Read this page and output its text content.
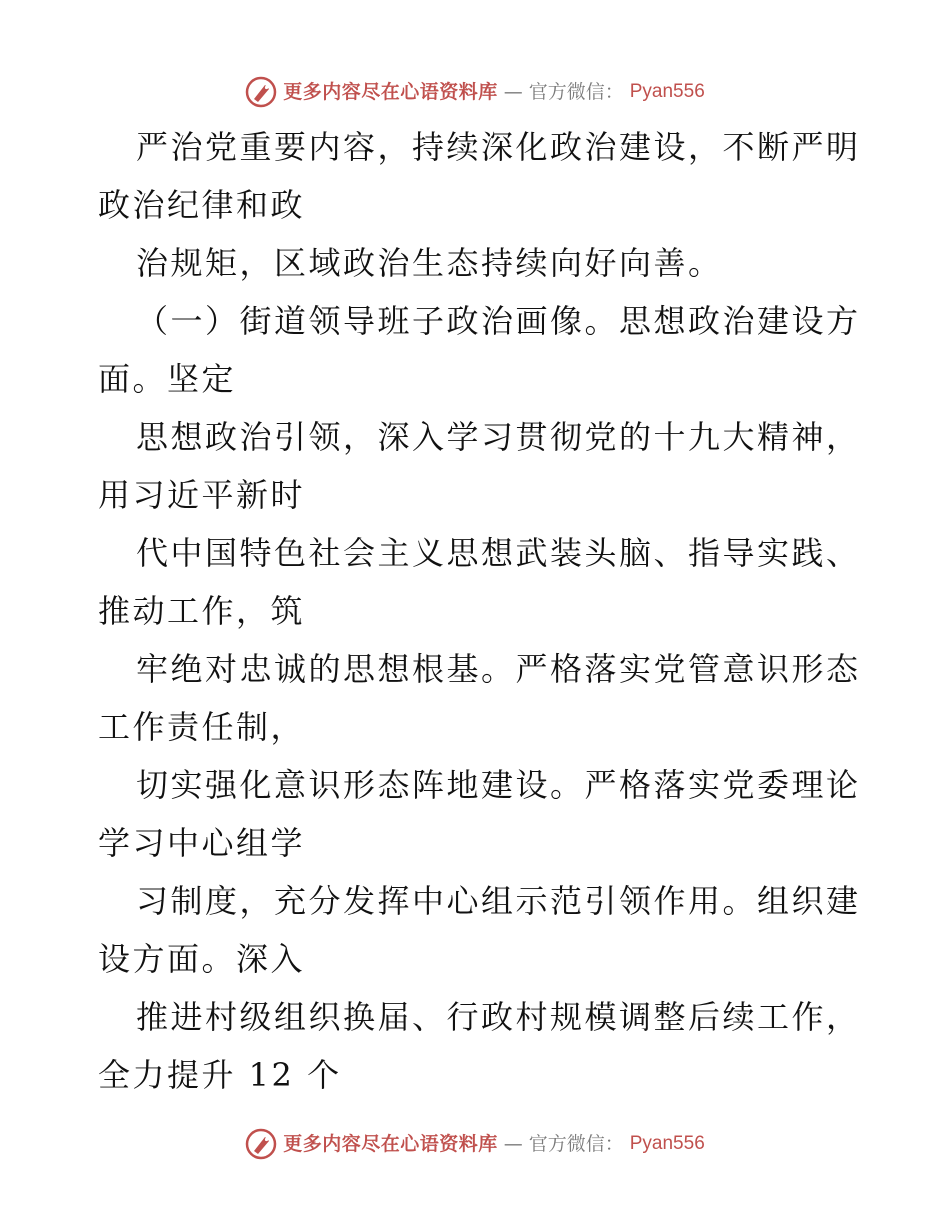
更多内容尽在心语资料库 — 官方微信： Pyan556
严治党重要内容，持续深化政治建设，不断严明
政治纪律和政
治规矩，区域政治生态持续向好向善。
（一）街道领导班子政治画像。思想政治建设方
面。坚定
思想政治引领，深入学习贯彻党的十九大精神，
用习近平新时
代中国特色社会主义思想武装头脑、指导实践、
推动工作，筑
牢绝对忠诚的思想根基。严格落实党管意识形态
工作责任制，
切实强化意识形态阵地建设。严格落实党委理论
学习中心组学
习制度，充分发挥中心组示范引领作用。组织建
设方面。深入
推进村级组织换届、行政村规模调整后续工作，
全力提升 12 个
更多内容尽在心语资料库 — 官方微信： Pyan556
